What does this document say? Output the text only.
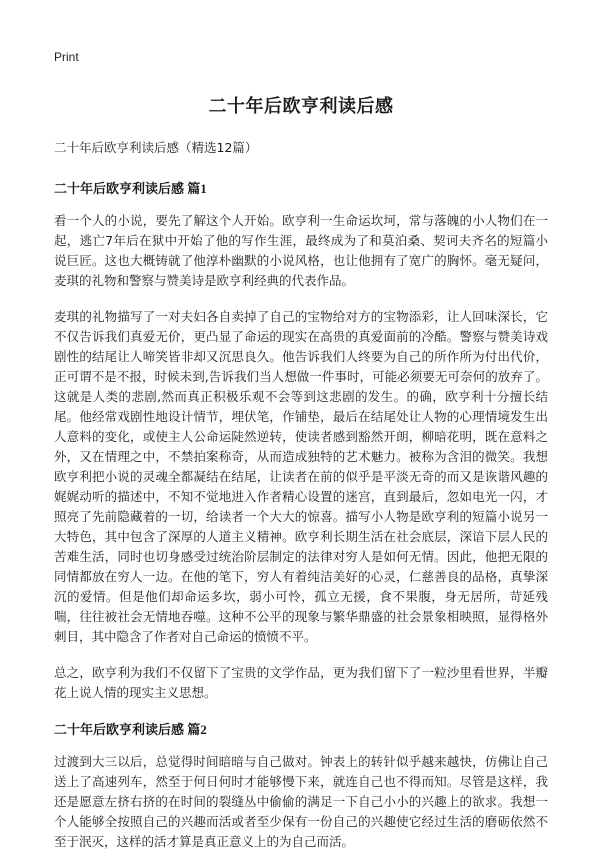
Print
二十年后欧亨利读后感

二十年后欧亨利读后感（精选12篇）

二十年后欧亨利读后感 篇1

看一个人的小说，要先了解这个人开始。欧亨利一生命运坎坷，常与落魄的小人物们在一起，逃亡7年后在狱中开始了他的写作生涯，最终成为了和莫泊桑、契诃夫齐名的短篇小说巨匠。这也大概铸就了他淳朴幽默的小说风格，也让他拥有了宽广的胸怀。毫无疑问，麦琪的礼物和警察与赞美诗是欧亨利经典的代表作品。

麦琪的礼物描写了一对夫妇各自卖掉了自己的宝物给对方的宝物添彩，让人回味深长，它不仅告诉我们真爱无价，更凸显了命运的现实在高贵的真爱面前的冷酷。警察与赞美诗戏剧性的结尾让人啼笑皆非却又沉思良久。他告诉我们人终要为自己的所作所为付出代价，正可谓不是不报，时候未到,告诉我们当人想做一件事时，可能必须要无可奈何的放弃了。这就是人类的悲剧,然而真正积极乐观不会等到这悲剧的发生。的确，欧亨利十分擅长结尾。他经常戏剧性地设计情节，埋伏笔，作铺垫，最后在结尾处让人物的心理情境发生出人意料的变化，或使主人公命运陡然逆转，使读者感到豁然开朗，柳暗花明，既在意料之外，又在情理之中，不禁拍案称奇，从而造成独特的艺术魅力。被称为含泪的微笑。我想欧亨利把小说的灵魂全都凝结在结尾，让读者在前的似乎是平淡无奇的而又是诙谐风趣的娓娓动听的描述中，不知不觉地进入作者精心设置的迷宫，直到最后，忽如电光一闪，才照亮了先前隐藏着的一切，给读者一个大大的惊喜。描写小人物是欧亨利的短篇小说另一大特色，其中包含了深厚的人道主义精神。欧亨利长期生活在社会底层，深谙下层人民的苦难生活，同时也切身感受过统治阶层制定的法律对穷人是如何无情。因此，他把无限的同情都放在穷人一边。在他的笔下，穷人有着纯洁美好的心灵，仁慈善良的品格，真挚深沉的爱情。但是他们却命运多坎，弱小可怜，孤立无援，食不果腹，身无居所，苛延残喘，往往被社会无情地吞噬。这种不公平的现象与繁华鼎盛的社会景象相映照，显得格外刺目，其中隐含了作者对自己命运的愤愤不平。

总之，欧亨利为我们不仅留下了宝贵的文学作品，更为我们留下了一粒沙里看世界，半瓣花上说人情的现实主义思想。

二十年后欧亨利读后感 篇2

过渡到大三以后，总觉得时间暗暗与自己做对。钟表上的转针似乎越来越快，仿佛让自己送上了高速列车，然至于何日何时才能够慢下来，就连自己也不得而知。尽管是这样，我还是愿意左挤右挤的在时间的裂缝丛中偷偷的满足一下自己小小的兴趣上的欲求。我想一个人能够全按照自己的兴趣而活或者至少保有一份自己的兴趣使它经过生活的磨砺依然不至于泯灭，这样的活才算是真正意义上的为自己而活。
